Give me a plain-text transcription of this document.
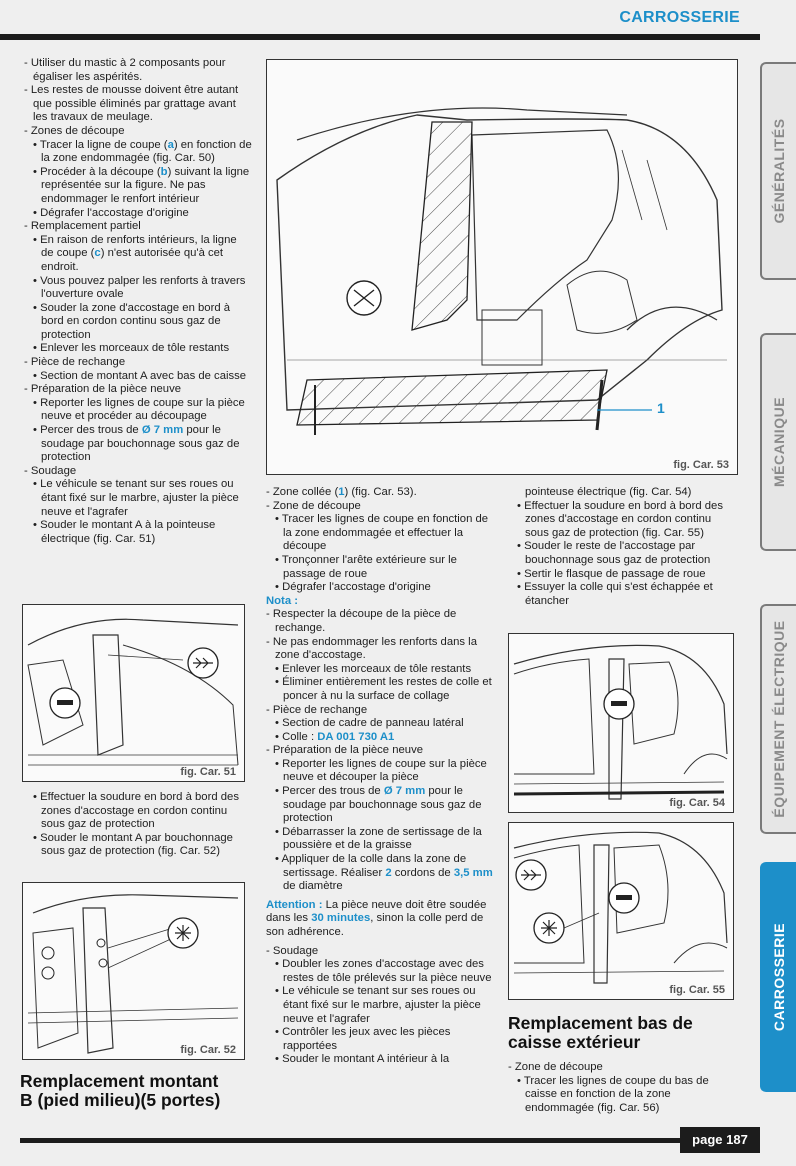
CARROSSERIE
GÉNÉRALITÉS
MÉCANIQUE
ÉQUIPEMENT ÉLECTRIQUE
CARROSSERIE

- Utiliser du mastic à 2 composants pour égaliser les aspérités.

- Les restes de mousse doivent être autant que possible éliminés par grattage avant les travaux de meulage.

- Zones de découpe

• Tracer la ligne de coupe (a) en fonction de la zone endommagée (fig. Car. 50)

• Procéder à la découpe (b) suivant la ligne représentée sur la figure. Ne pas endommager le renfort intérieur

• Dégrafer l'accostage d'origine

- Remplacement partiel

• En raison de renforts intérieurs, la ligne de coupe (c) n'est autorisée qu'à cet endroit.

• Vous pouvez palper les renforts à travers l'ouverture ovale

• Souder la zone d'accostage en bord à bord en cordon continu sous gaz de protection

• Enlever les morceaux de tôle restants

- Pièce de rechange

• Section de montant A avec bas de caisse

- Préparation de la pièce neuve

• Reporter les lignes de coupe sur la pièce neuve et procéder au découpage

• Percer des trous de Ø 7 mm pour le soudage par bouchonnage sous gaz de protection

- Soudage

• Le véhicule se tenant sur ses roues ou étant fixé sur le marbre, ajuster la pièce neuve et l'agrafer

• Souder le montant A à la pointeuse électrique (fig. Car. 51)

1
fig. Car. 53

- Zone collée (1) (fig. Car. 53).

- Zone de découpe

• Tracer les lignes de coupe en fonction de la zone endommagée et effectuer la découpe

• Tronçonner l'arête extérieure sur le passage de roue

• Dégrafer l'accostage d'origine

Nota :

- Respecter la découpe de la pièce de rechange.

- Ne pas endommager les renforts dans la zone d'accostage.

• Enlever les morceaux de tôle restants

• Éliminer entièrement les restes de colle et poncer à nu la surface de collage

- Pièce de rechange

• Section de cadre de panneau latéral

• Colle : DA 001 730 A1

- Préparation de la pièce neuve

• Reporter les lignes de coupe sur la pièce neuve et découper la pièce

• Percer des trous de Ø 7 mm pour le soudage par bouchonnage sous gaz de protection

• Débarrasser la zone de sertissage de la poussière et de la graisse

• Appliquer de la colle dans la zone de sertissage. Réaliser 2 cordons de 3,5 mm de diamètre

Attention : La pièce neuve doit être soudée dans les 30 minutes, sinon la colle perd de son adhérence.

- Soudage

• Doubler les zones d'accostage avec des restes de tôle prélevés sur la pièce neuve

• Le véhicule se tenant sur ses roues ou étant fixé sur le marbre, ajuster la pièce neuve et l'agrafer

• Contrôler les jeux avec les pièces rapportées

• Souder le montant A intérieur à la

pointeuse électrique (fig. Car. 54)

• Effectuer la soudure en bord à bord des zones d'accostage en cordon continu sous gaz de protection (fig. Car. 55)

• Souder le reste de l'accostage par bouchonnage sous gaz de protection

• Sertir le flasque de passage de roue

• Essuyer la colle qui s'est échappée et étancher

fig. Car. 51

• Effectuer la soudure en bord à bord des zones d'accostage en cordon continu sous gaz de protection

• Souder le montant A par bouchonnage sous gaz de protection (fig. Car. 52)

fig. Car. 52
Remplacement montant
B (pied milieu)(5 portes)
fig. Car. 54
fig. Car. 55
Remplacement bas de
caisse extérieur

- Zone de découpe

• Tracer les lignes de coupe du bas de caisse en fonction de la zone endommagée (fig. Car. 56)

page 187
